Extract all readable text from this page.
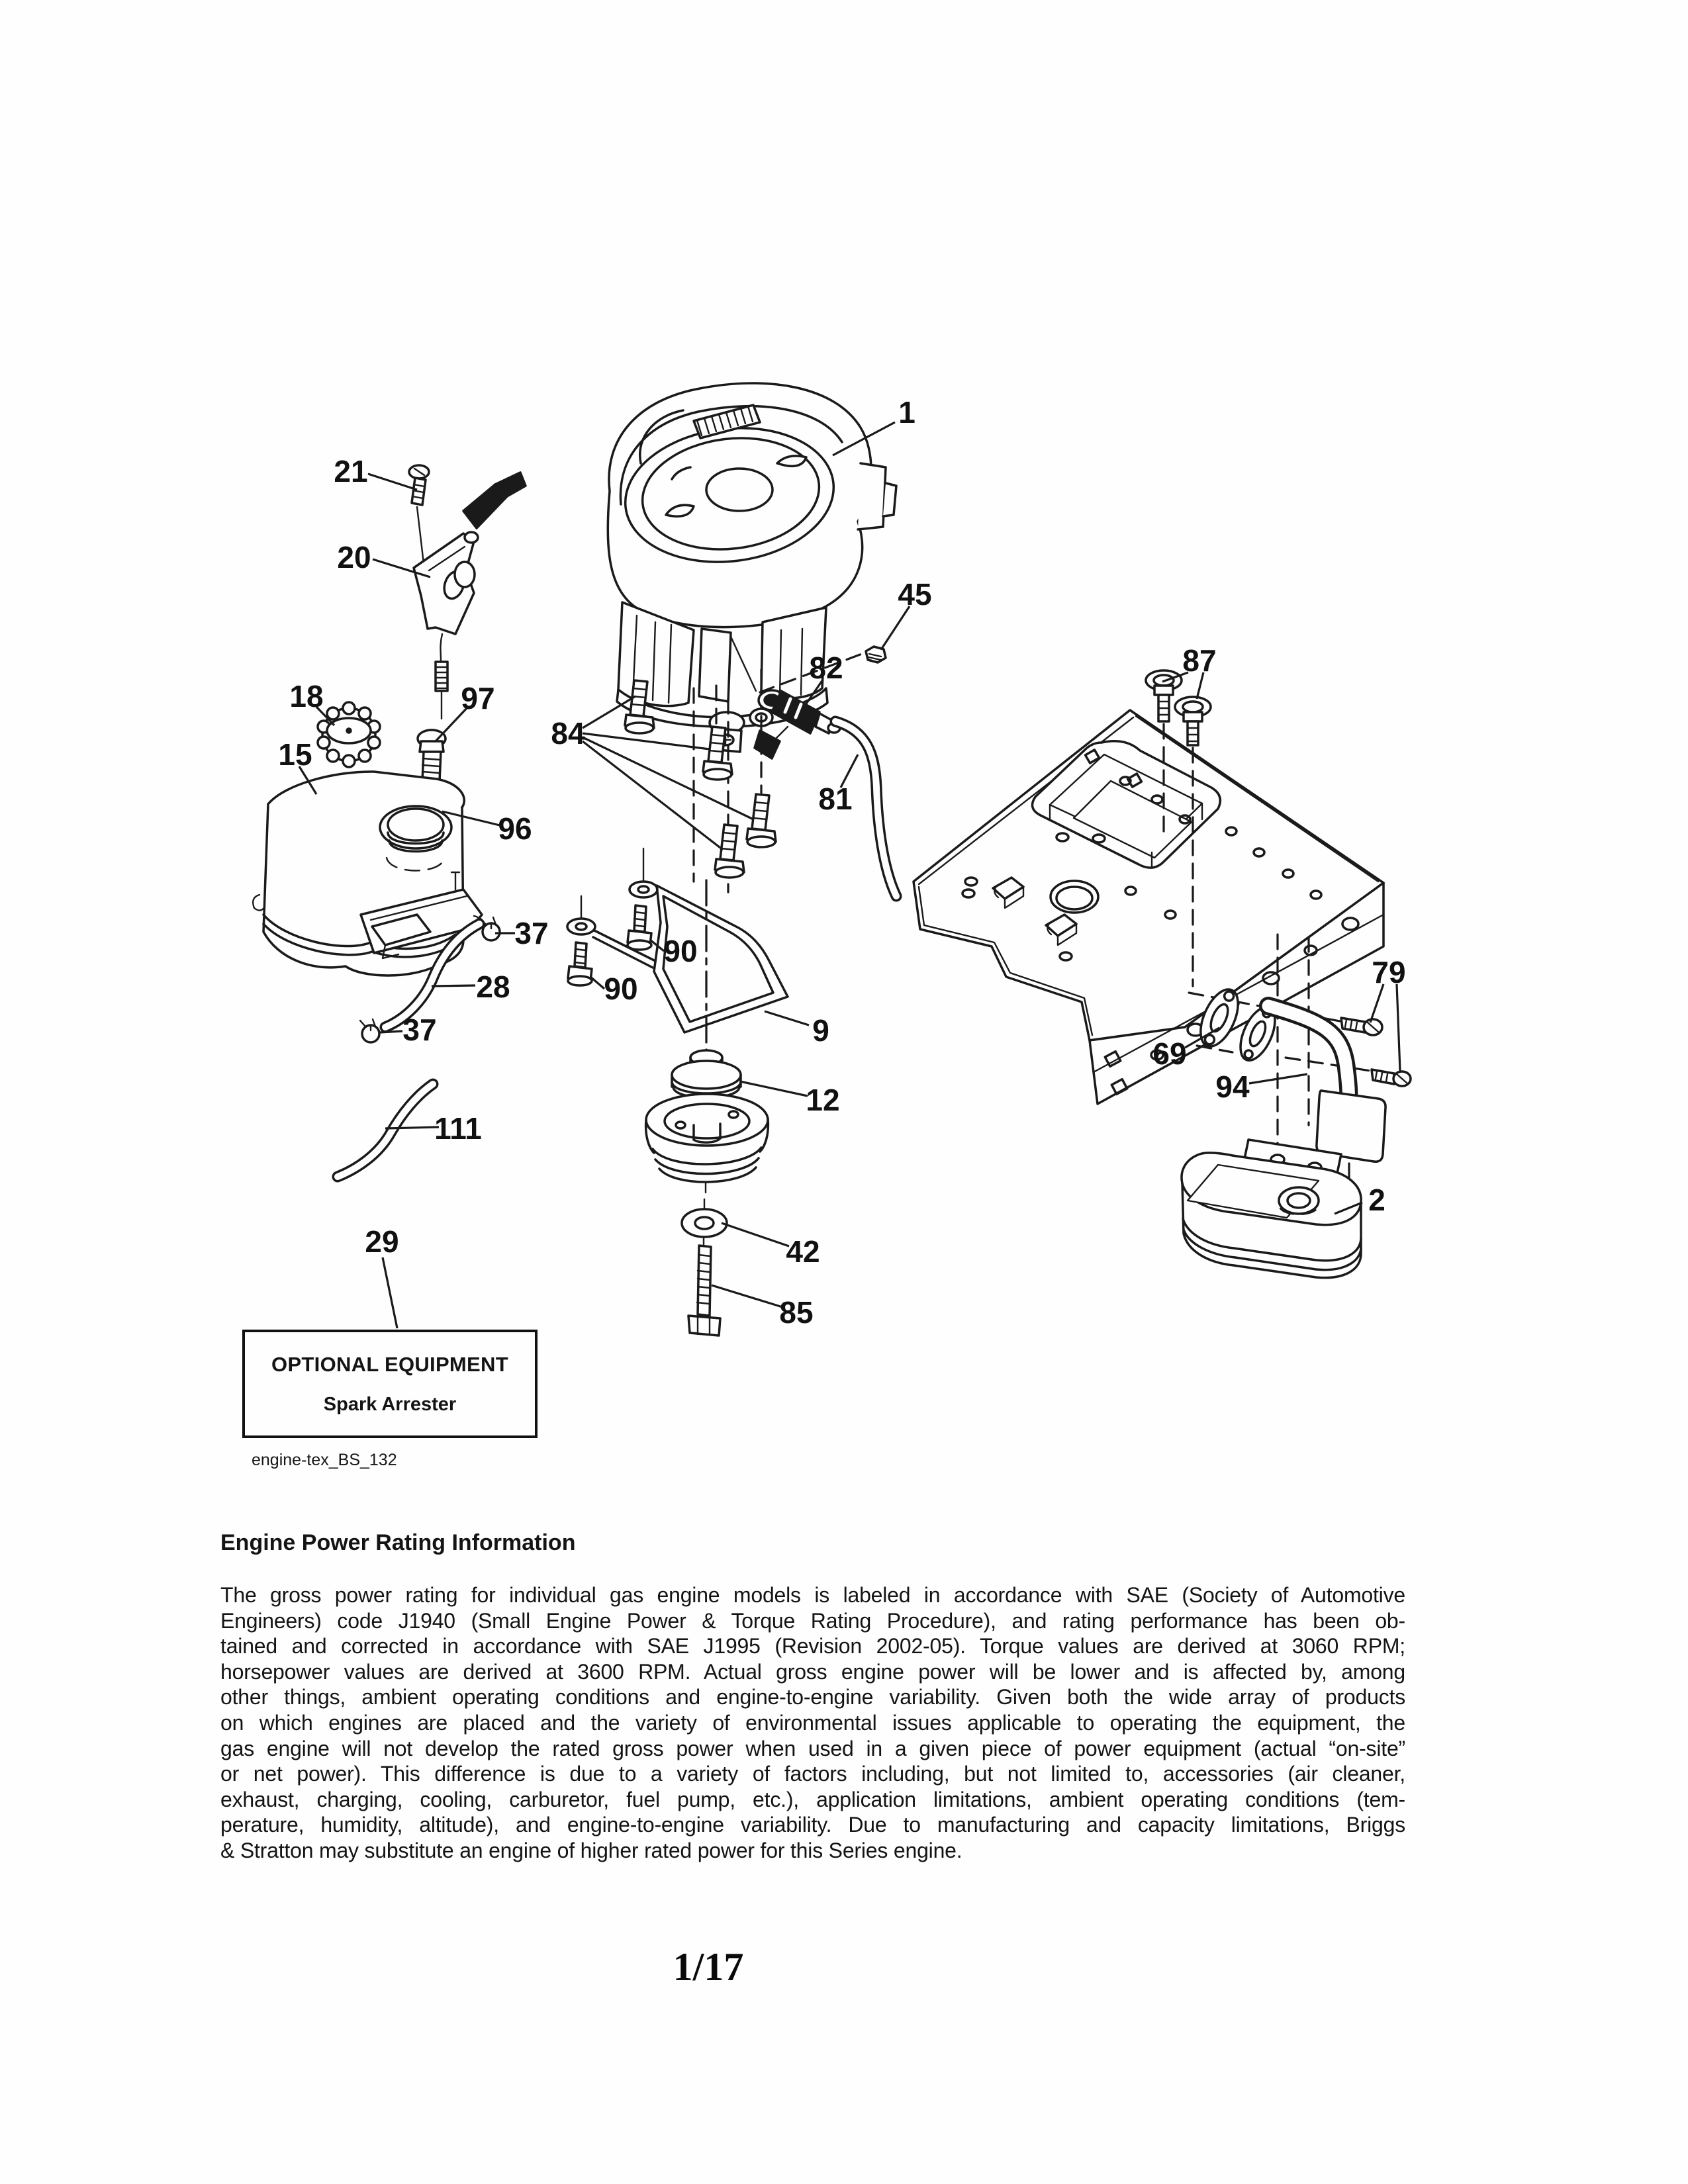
1
21
20
45
87
82
18	97
84
15
81
96
37
90
79
28	90
37	9
69
94
12
111
2
29	42
85
OPTIONAL EQUIPMENT
Spark Arrester
engine-tex_BS_132
Engine Power Rating Information
The gross power rating for individual gas engine models is labeled in accordance with SAE (Society of Automotive
Engineers) code J1940 (Small Engine Power & Torque Rating Procedure), and rating performance has been ob-
tained and corrected in accordance with SAE J1995 (Revision 2002-05). Torque values are derived at 3060 RPM;
horsepower values are derived at 3600 RPM. Actual gross engine power will be lower and is affected by, among
other things, ambient operating conditions and engine-to-engine variability. Given both the wide array of products
on which engines are placed and the variety of environmental issues applicable to operating the equipment, the
gas engine will not develop the rated gross power when used in a given piece of power equipment (actual “on-site”
or net power). This difference is due to a variety of factors including, but not limited to, accessories (air cleaner,
exhaust, charging, cooling, carburetor, fuel pump, etc.), application limitations, ambient operating conditions (tem-
perature, humidity, altitude), and engine-to-engine variability. Due to manufacturing and capacity limitations, Briggs
& Stratton may substitute an engine of higher rated power for this Series engine.
1/17
